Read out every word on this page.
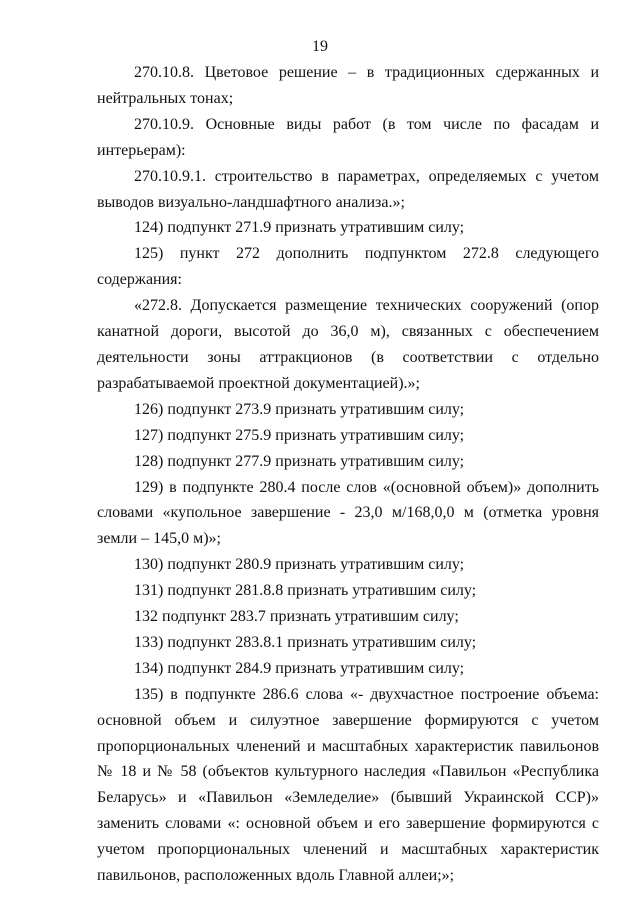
19

270.10.8. Цветовое решение – в традиционных сдержанных и нейтральных тонах;

270.10.9. Основные виды работ (в том числе по фасадам и интерьерам):

270.10.9.1. строительство в параметрах, определяемых с учетом выводов визуально-ландшафтного анализа.»;

124) подпункт 271.9 признать утратившим силу;

125) пункт 272 дополнить подпунктом 272.8 следующего содержания:

«272.8. Допускается размещение технических сооружений (опор канатной дороги, высотой до 36,0 м), связанных с обеспечением деятельности зоны аттракционов (в соответствии с отдельно разрабатываемой проектной документацией).»;

126) подпункт 273.9 признать утратившим силу;

127) подпункт 275.9 признать утратившим силу;

128) подпункт 277.9 признать утратившим силу;

129) в подпункте 280.4 после слов «(основной объем)» дополнить словами «купольное завершение - 23,0 м/168,0,0 м (отметка уровня земли – 145,0 м)»;

130) подпункт 280.9 признать утратившим силу;

131) подпункт 281.8.8 признать утратившим силу;

132 подпункт 283.7 признать утратившим силу;

133) подпункт 283.8.1 признать утратившим силу;

134) подпункт 284.9 признать утратившим силу;

135) в подпункте 286.6 слова «- двухчастное построение объема: основной объем и силуэтное завершение формируются с учетом пропорциональных членений и масштабных характеристик павильонов № 18 и № 58 (объектов культурного наследия «Павильон «Республика Беларусь» и «Павильон «Земледелие» (бывший Украинской ССР)» заменить словами «: основной объем и его завершение формируются с учетом пропорциональных членений и масштабных характеристик павильонов, расположенных вдоль Главной аллеи;»;
